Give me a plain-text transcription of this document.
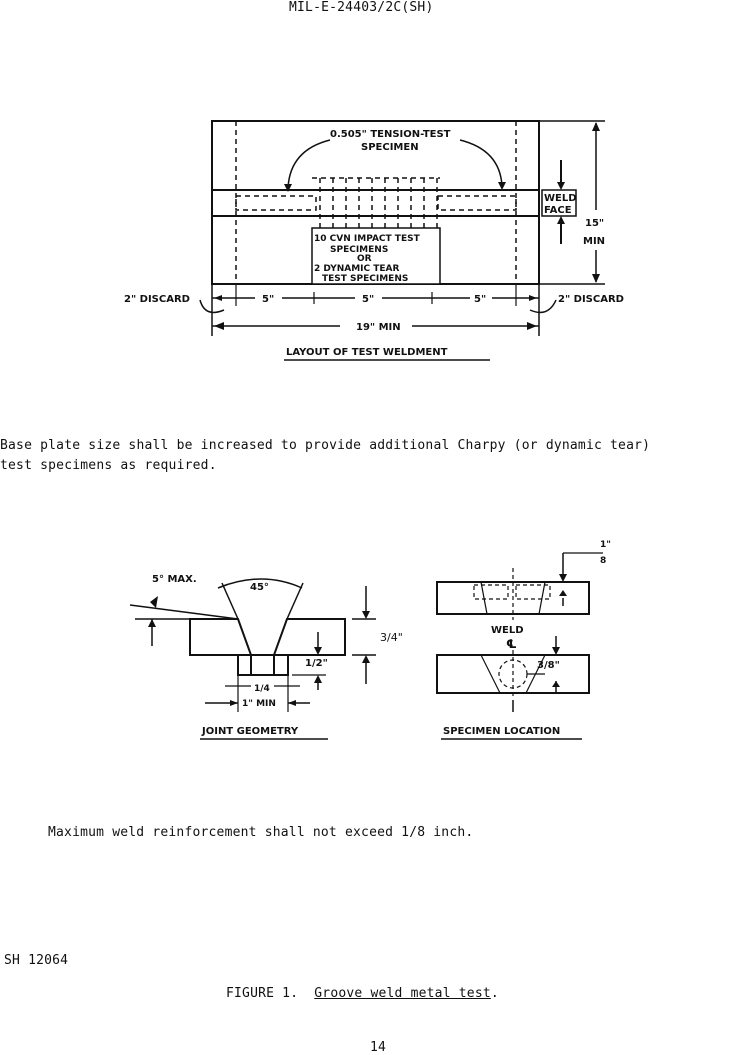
MIL-E-24403/2C(SH)
0.505" TENSION-TEST
SPECIMEN
WELD
FACE
15"
MIN
10 CVN IMPACT TEST
SPECIMENS
OR
2 DYNAMIC TEAR
TEST SPECIMENS
2" DISCARD	2" DISCARD
5"	5"	5"
19" MIN
LAYOUT OF TEST WELDMENT
Base plate size shall be increased to provide additional Charpy (or dynamic tear)
test specimens as required.
5° MAX.
45°
3/4"
1/2"
1/4
1" MIN
JOINT GEOMETRY
1"
8
WELD
℄
3/8"
SPECIMEN LOCATION
Maximum weld reinforcement shall not exceed 1/8 inch.
SH 12064
FIGURE 1. Groove weld metal test.
14
